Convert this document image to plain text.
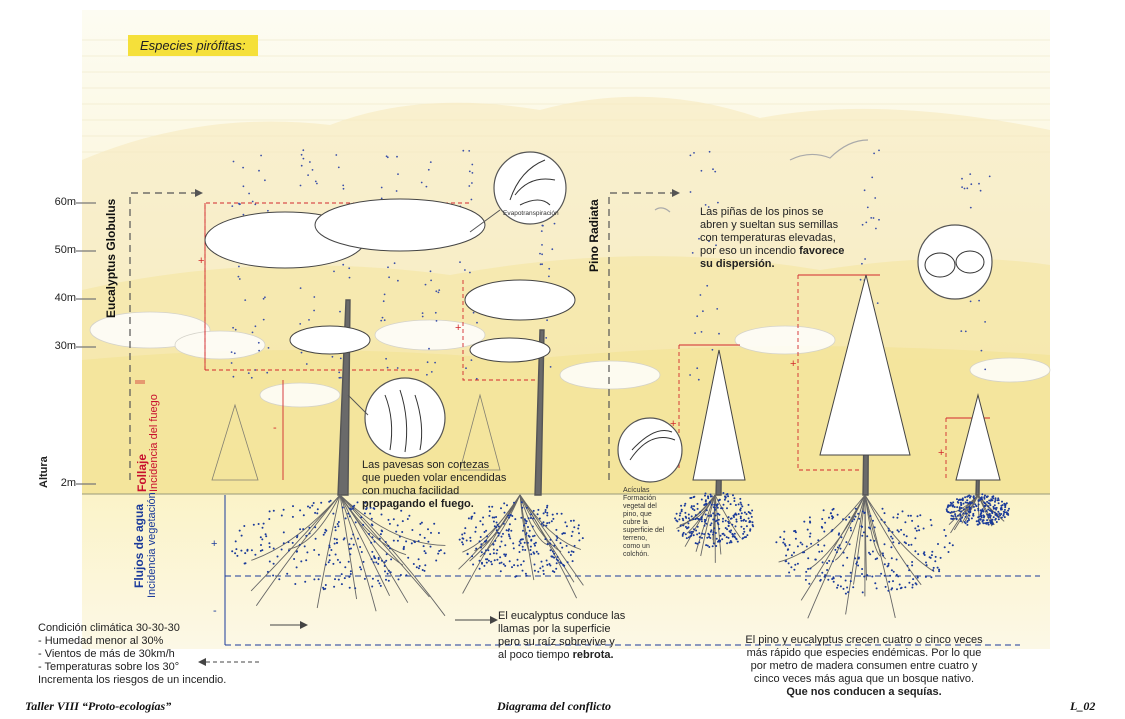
Especies pirófitas:
60m
50m
40m
30m
2m
Altura
Eucalyptus Globulus	Pino Radiata
Follaje Incidencia del fuego
Flujos de agua Incidencia vegetación
+
+
+
+
+
-
+
-
Evapotranspiración	Las piñas de los pinos se
abren y sueltan sus semillas
con temperaturas elevadas,
por eso un incendio favorece
su dispersión.
Las pavesas son cortezas
que pueden volar encendidas
con mucha facilidad
propagando el fuego.
Acículas
Formación
vegetal del
pino, que
cubre la
superficie del
terreno,
como un
colchón.
El eucalyptus conduce las
llamas por la superficie
pero su raíz sobrevive y
al poco tiempo rebrota.
El pino y eucalyptus crecen cuatro o cinco veces
más rápido que especies endémicas. Por lo que
por metro de madera consumen entre cuatro y
cinco veces más agua que un bosque nativo.
Que nos conducen a sequías.
Condición climática 30-30-30
- Humedad menor al 30%
- Vientos de más de 30km/h
- Temperaturas sobre los 30°
Incrementa los riesgos de un incendio.
Taller VIII “Proto-ecologías”	Diagrama del conflicto	L_02
